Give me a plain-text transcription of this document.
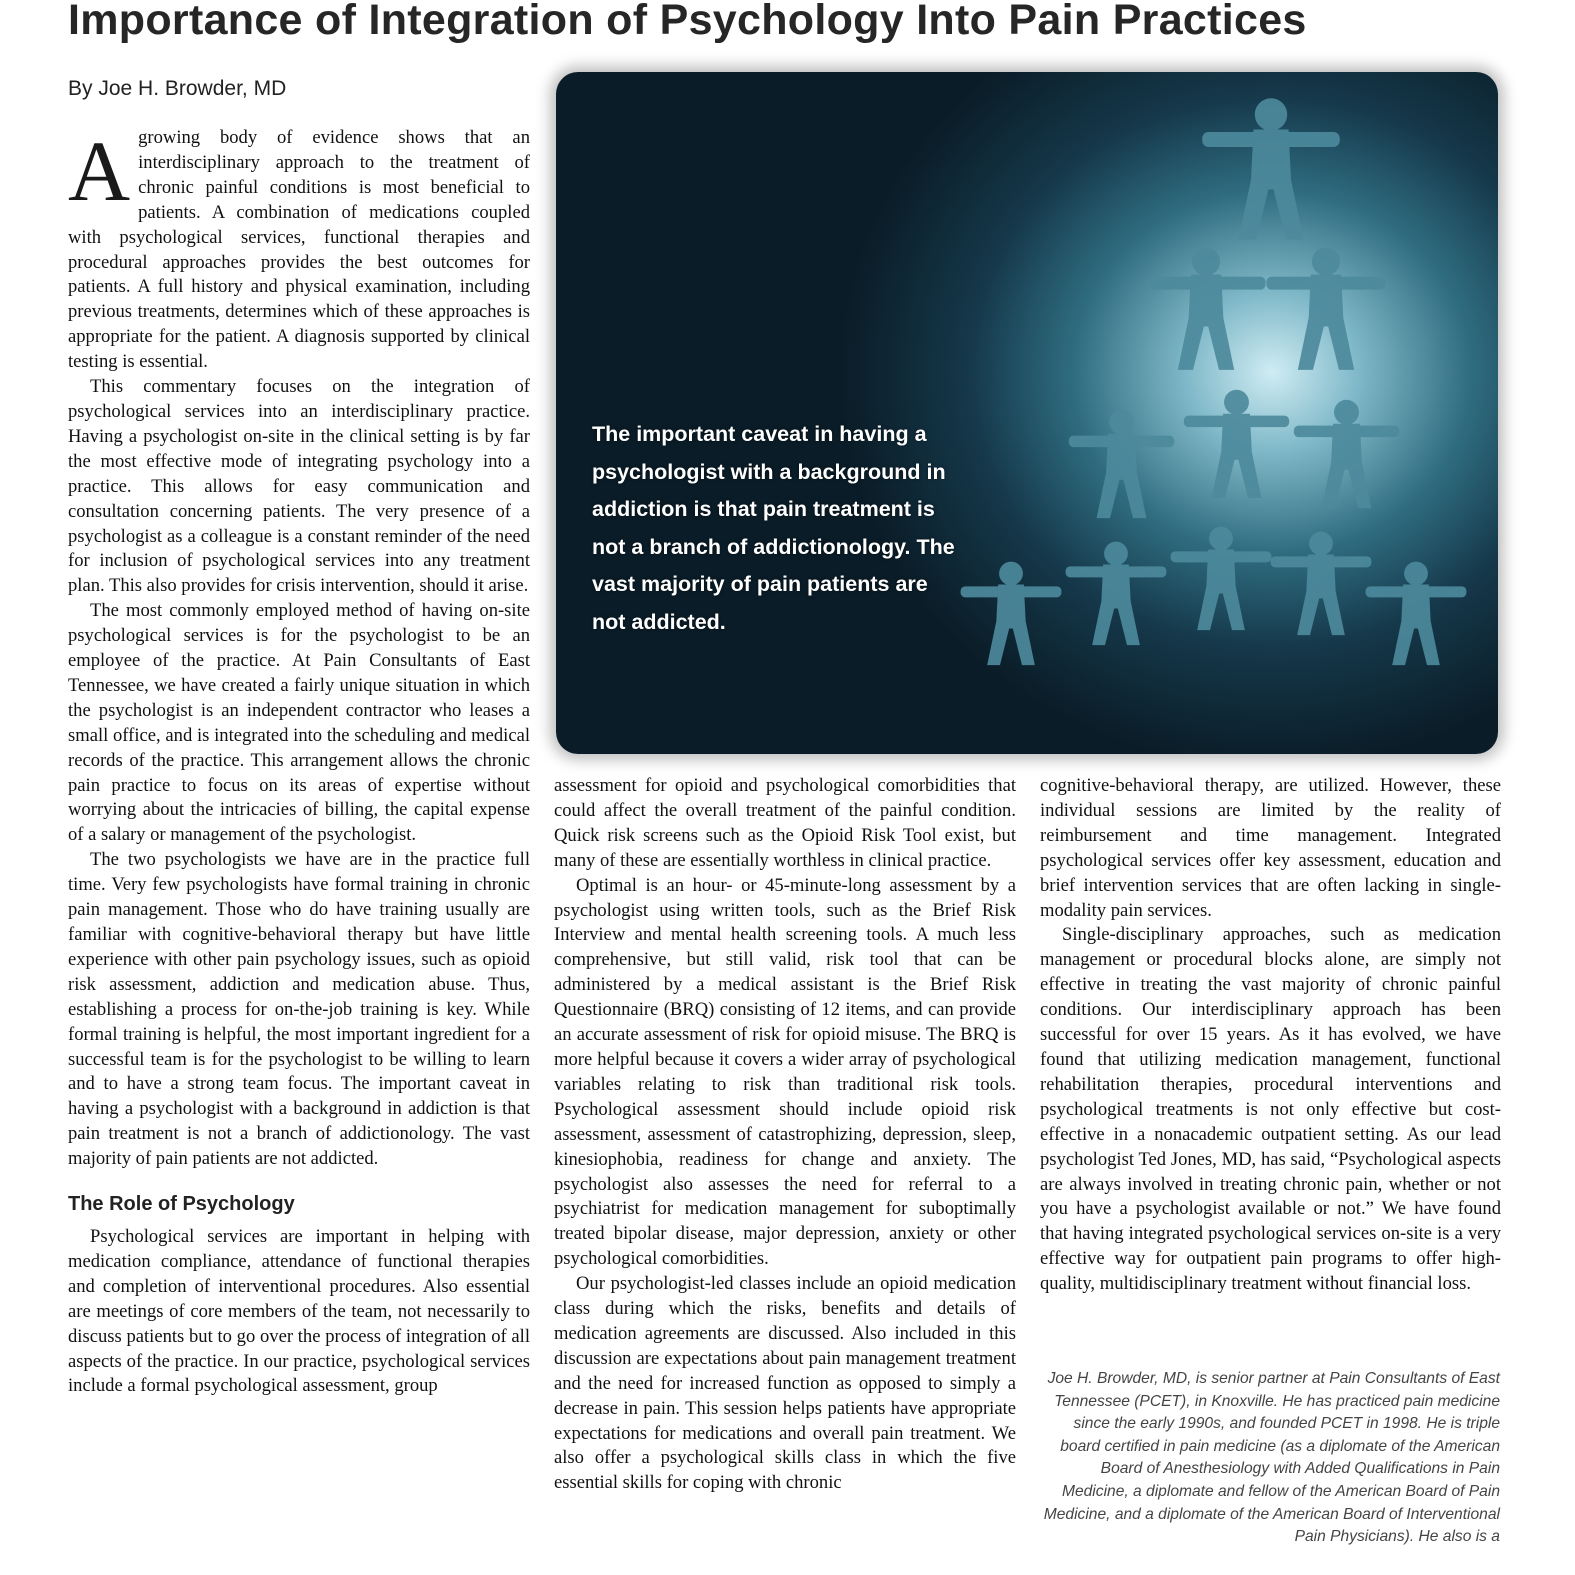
Importance of Integration of Psychology Into Pain Practices
By Joe H. Browder, MD

Agrowing body of evidence shows that an interdisciplinary approach to the treatment of chronic painful conditions is most beneficial to patients. A combination of medications coupled with psychological services, functional therapies and procedural approaches provides the best outcomes for patients. A full history and physical examination, including previous treatments, determines which of these approaches is appropriate for the patient. A diagnosis supported by clinical testing is essential.

This commentary focuses on the integration of psychological services into an interdisciplinary practice. Having a psychologist on-site in the clinical setting is by far the most effective mode of integrating psychology into a practice. This allows for easy communication and consultation concerning patients. The very presence of a psychologist as a colleague is a constant reminder of the need for inclusion of psychological services into any treatment plan. This also provides for crisis intervention, should it arise.

The most commonly employed method of having on-site psychological services is for the psychologist to be an employee of the practice. At Pain Consultants of East Tennessee, we have created a fairly unique situation in which the psychologist is an independent contractor who leases a small office, and is integrated into the scheduling and medical records of the practice. This arrangement allows the chronic pain practice to focus on its areas of expertise without worrying about the intricacies of billing, the capital expense of a salary or management of the psychologist.

The two psychologists we have are in the practice full time. Very few psychologists have formal training in chronic pain management. Those who do have training usually are familiar with cognitive-behavioral therapy but have little experience with other pain psychology issues, such as opioid risk assessment, addiction and medication abuse. Thus, establishing a process for on-the-job training is key. While formal training is helpful, the most important ingredient for a successful team is for the psychologist to be willing to learn and to have a strong team focus. The important caveat in having a psychologist with a background in addiction is that pain treatment is not a branch of addictionology. The vast majority of pain patients are not addicted.

The Role of Psychology

Psychological services are important in helping with medication compliance, attendance of functional therapies and completion of interventional procedures. Also essential are meetings of core members of the team, not necessarily to discuss patients but to go over the process of integration of all aspects of the practice. In our practice, psychological services include a formal psychological assessment, group

The important caveat in having a psychologist with a background in addiction is that pain treatment is not a branch of addictionology. The vast majority of pain patients are not addicted.

assessment for opioid and psychological comorbidities that could affect the overall treatment of the painful condition. Quick risk screens such as the Opioid Risk Tool exist, but many of these are essentially worthless in clinical practice.

Optimal is an hour- or 45-minute-long assessment by a psychologist using written tools, such as the Brief Risk Interview and mental health screening tools. A much less comprehensive, but still valid, risk tool that can be administered by a medical assistant is the Brief Risk Questionnaire (BRQ) consisting of 12 items, and can provide an accurate assessment of risk for opioid misuse. The BRQ is more helpful because it covers a wider array of psychological variables relating to risk than traditional risk tools. Psychological assessment should include opioid risk assessment, assessment of catastrophizing, depression, sleep, kinesiophobia, readiness for change and anxiety. The psychologist also assesses the need for referral to a psychiatrist for medication management for suboptimally treated bipolar disease, major depression, anxiety or other psychological comorbidities.

Our psychologist-led classes include an opioid medication class during which the risks, benefits and details of medication agreements are discussed. Also included in this discussion are expectations about pain management treatment and the need for increased function as opposed to simply a decrease in pain. This session helps patients have appropriate expectations for medications and overall pain treatment. We also offer a psychological skills class in which the five essential skills for coping with chronic

cognitive-behavioral therapy, are utilized. However, these individual sessions are limited by the reality of reimbursement and time management. Integrated psychological services offer key assessment, education and brief intervention services that are often lacking in single-modality pain services.

Single-disciplinary approaches, such as medication management or procedural blocks alone, are simply not effective in treating the vast majority of chronic painful conditions. Our interdisciplinary approach has been successful for over 15 years. As it has evolved, we have found that utilizing medication management, functional rehabilitation therapies, procedural interventions and psychological treatments is not only effective but cost-effective in a nonacademic outpatient setting. As our lead psychologist Ted Jones, MD, has said, “Psychological aspects are always involved in treating chronic pain, whether or not you have a psychologist available or not.” We have found that having integrated psychological services on-site is a very effective way for outpatient pain programs to offer high-quality, multidisciplinary treatment without financial loss.

Joe H. Browder, MD, is senior partner at Pain Consultants of East Tennessee (PCET), in Knoxville. He has practiced pain medicine since the early 1990s, and founded PCET in 1998. He is triple board certified in pain medicine (as a diplomate of the American Board of Anesthesiology with Added Qualifications in Pain Medicine, a diplomate and fellow of the American Board of Pain Medicine, and a diplomate of the American Board of Interventional Pain Physicians). He also is a
